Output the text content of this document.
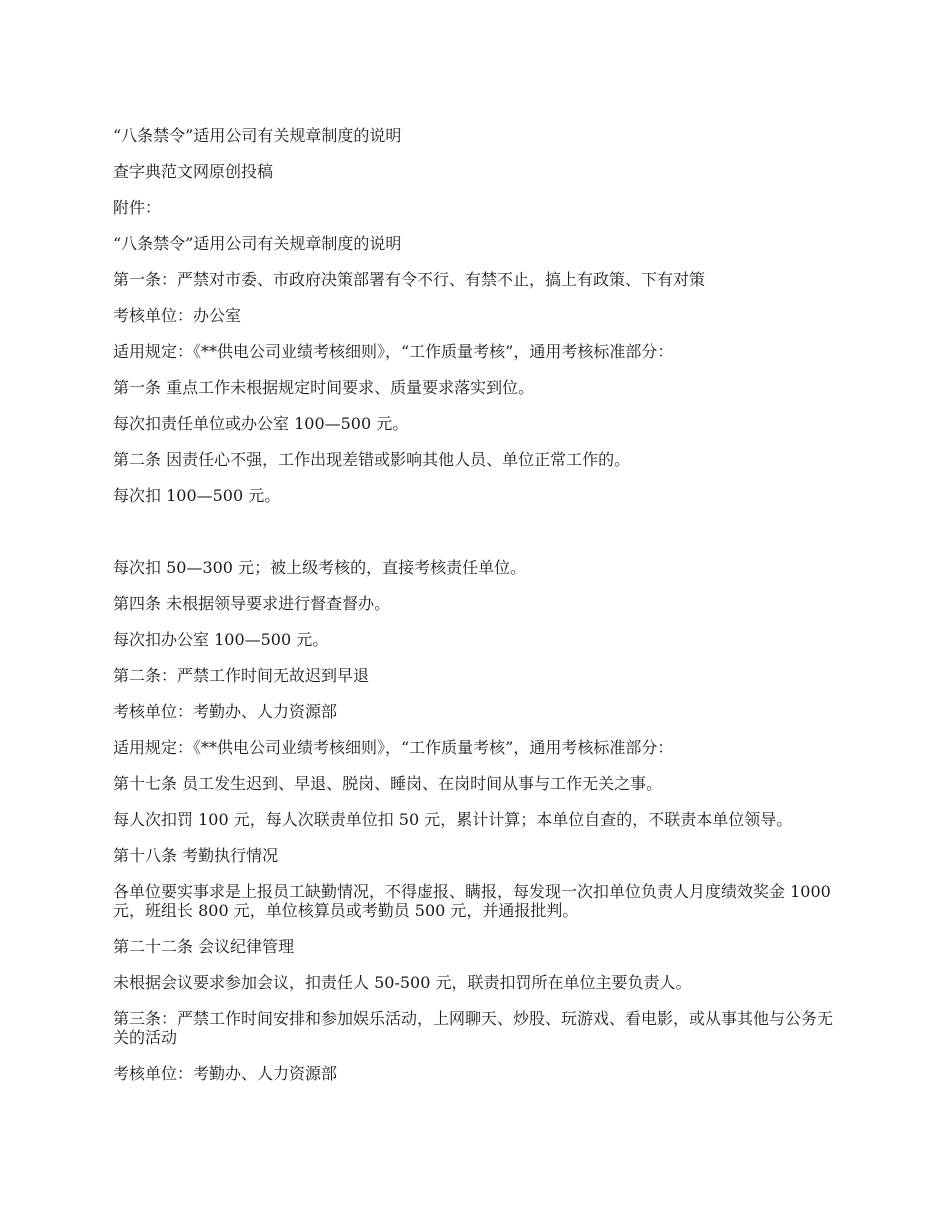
“八条禁令”适用公司有关规章制度的说明

查字典范文网原创投稿

附件：

“八条禁令”适用公司有关规章制度的说明

第一条：严禁对市委、市政府决策部署有令不行、有禁不止，搞上有政策、下有对策

考核单位：办公室

适用规定：《**供电公司业绩考核细则》，“工作质量考核”，通用考核标准部分：

第一条 重点工作未根据规定时间要求、质量要求落实到位。

每次扣责任单位或办公室 100—500 元。

第二条 因责任心不强，工作出现差错或影响其他人员、单位正常工作的。

每次扣 100—500 元。

每次扣 50—300 元；被上级考核的，直接考核责任单位。

第四条 未根据领导要求进行督查督办。

每次扣办公室 100—500 元。

第二条：严禁工作时间无故迟到早退

考核单位：考勤办、人力资源部

适用规定：《**供电公司业绩考核细则》，“工作质量考核”，通用考核标准部分：

第十七条 员工发生迟到、早退、脱岗、睡岗、在岗时间从事与工作无关之事。

每人次扣罚 100 元，每人次联责单位扣 50 元，累计计算；本单位自查的，不联责本单位领导。

第十八条 考勤执行情况

各单位要实事求是上报员工缺勤情况，不得虚报、瞒报，每发现一次扣单位负责人月度绩效奖金 1000 元，班组长 800 元，单位核算员或考勤员 500 元，并通报批判。

第二十二条 会议纪律管理

未根据会议要求参加会议，扣责任人 50-500 元，联责扣罚所在单位主要负责人。

第三条：严禁工作时间安排和参加娱乐活动，上网聊天、炒股、玩游戏、看电影，或从事其他与公务无关的活动

考核单位：考勤办、人力资源部
